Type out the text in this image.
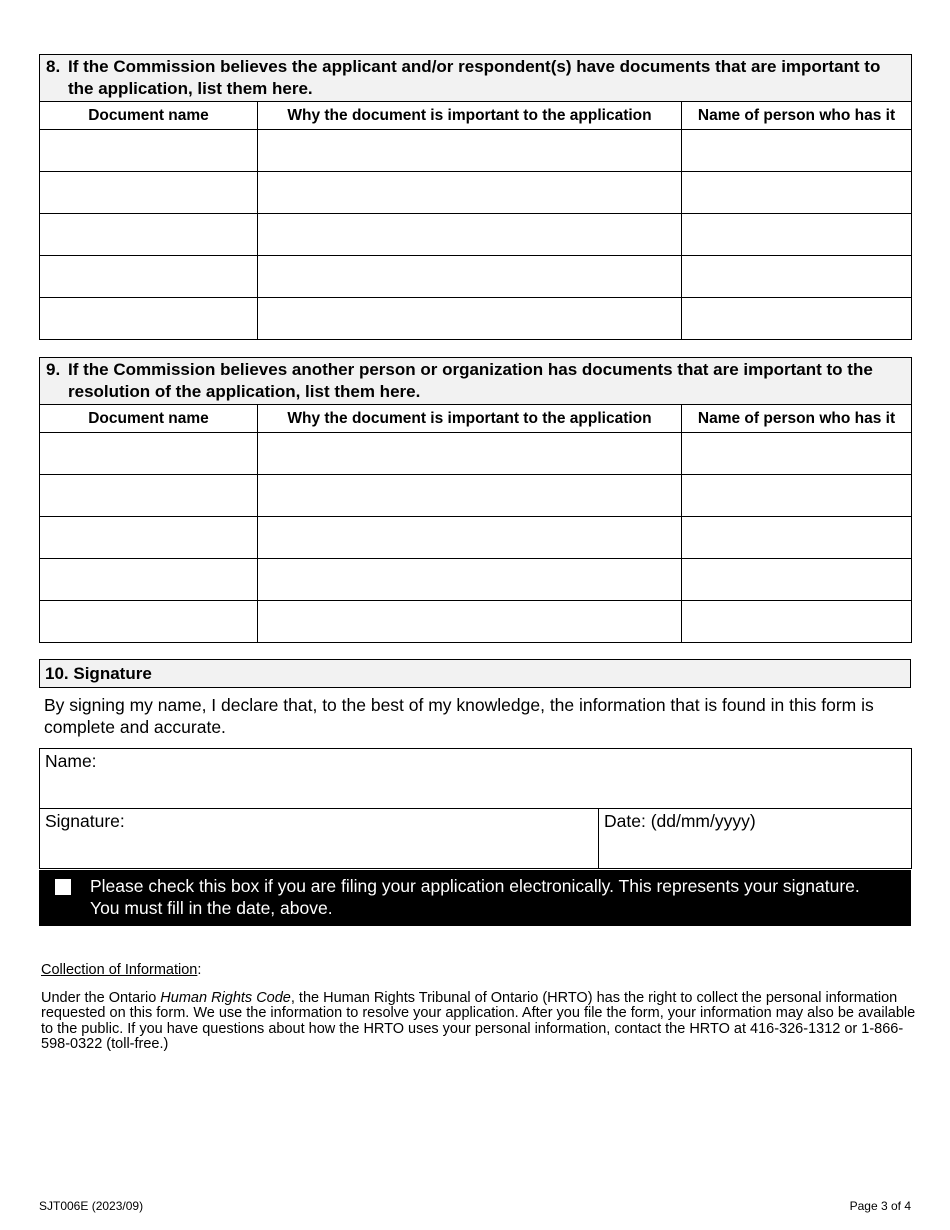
8. If the Commission believes the applicant and/or respondent(s) have documents that are important to the application, list them here.		
Document name	Why the document is important to the application	Name of person who has it

9. If the Commission believes another person or organization has documents that are important to the resolution of the application, list them here.		
Document name	Why the document is important to the application	Name of person who has it

10. Signature
By signing my name, I declare that, to the best of my knowledge, the information that is found in this form is complete and accurate.
Name:
Signature:	Date: (dd/mm/yyyy)
Please check this box if you are filing your application electronically. This represents your signature. You must fill in the date, above.
Collection of Information:

Under the Ontario Human Rights Code, the Human Rights Tribunal of Ontario (HRTO) has the right to collect the personal information requested on this form. We use the information to resolve your application. After you file the form, your information may also be available to the public. If you have questions about how the HRTO uses your personal information, contact the HRTO at 416-326-1312 or 1-866-598-0322 (toll-free.)

SJT006E (2023/09)	Page 3 of 4
